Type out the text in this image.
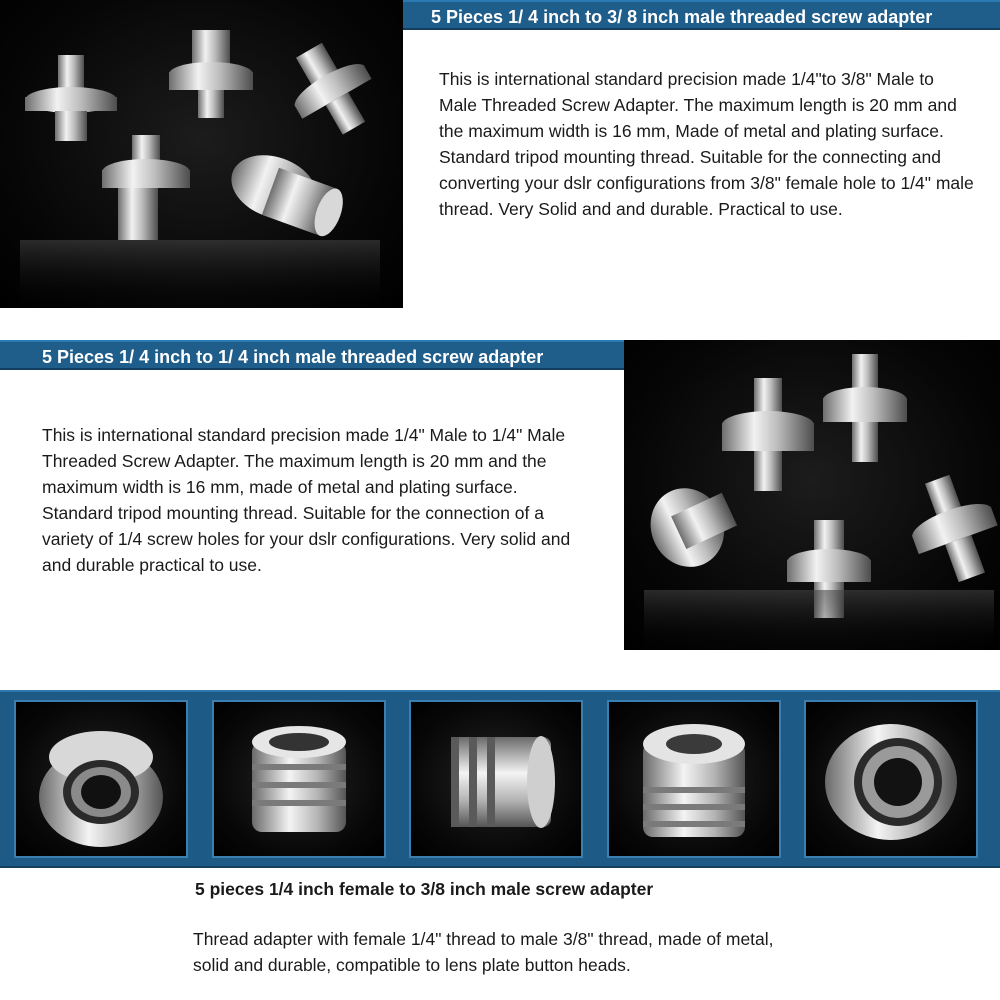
5 Pieces 1/ 4 inch to 3/ 8 inch male threaded screw adapter

This is international standard precision made 1/4"to 3/8" Male to Male Threaded Screw Adapter. The maximum length is 20 mm and the maximum width is 16 mm, Made of metal and plating surface.

Standard tripod mounting thread. Suitable for the connecting and converting your dslr configurations from 3/8" female hole to 1/4" male thread. Very Solid and and durable. Practical to use.

5 Pieces 1/ 4 inch to 1/ 4 inch male threaded screw adapter

This is international standard precision made 1/4" Male to 1/4" Male Threaded Screw Adapter. The maximum length is 20 mm and the maximum width is 16 mm, made of metal and plating surface.

Standard tripod mounting thread. Suitable for the connection of a variety of 1/4 screw holes for your dslr configurations. Very solid and and durable practical to use.

5 pieces 1/4 inch female to 3/8 inch male screw adapter

Thread adapter with female 1/4" thread to male 3/8" thread, made of metal, solid and durable, compatible to lens plate button heads.
